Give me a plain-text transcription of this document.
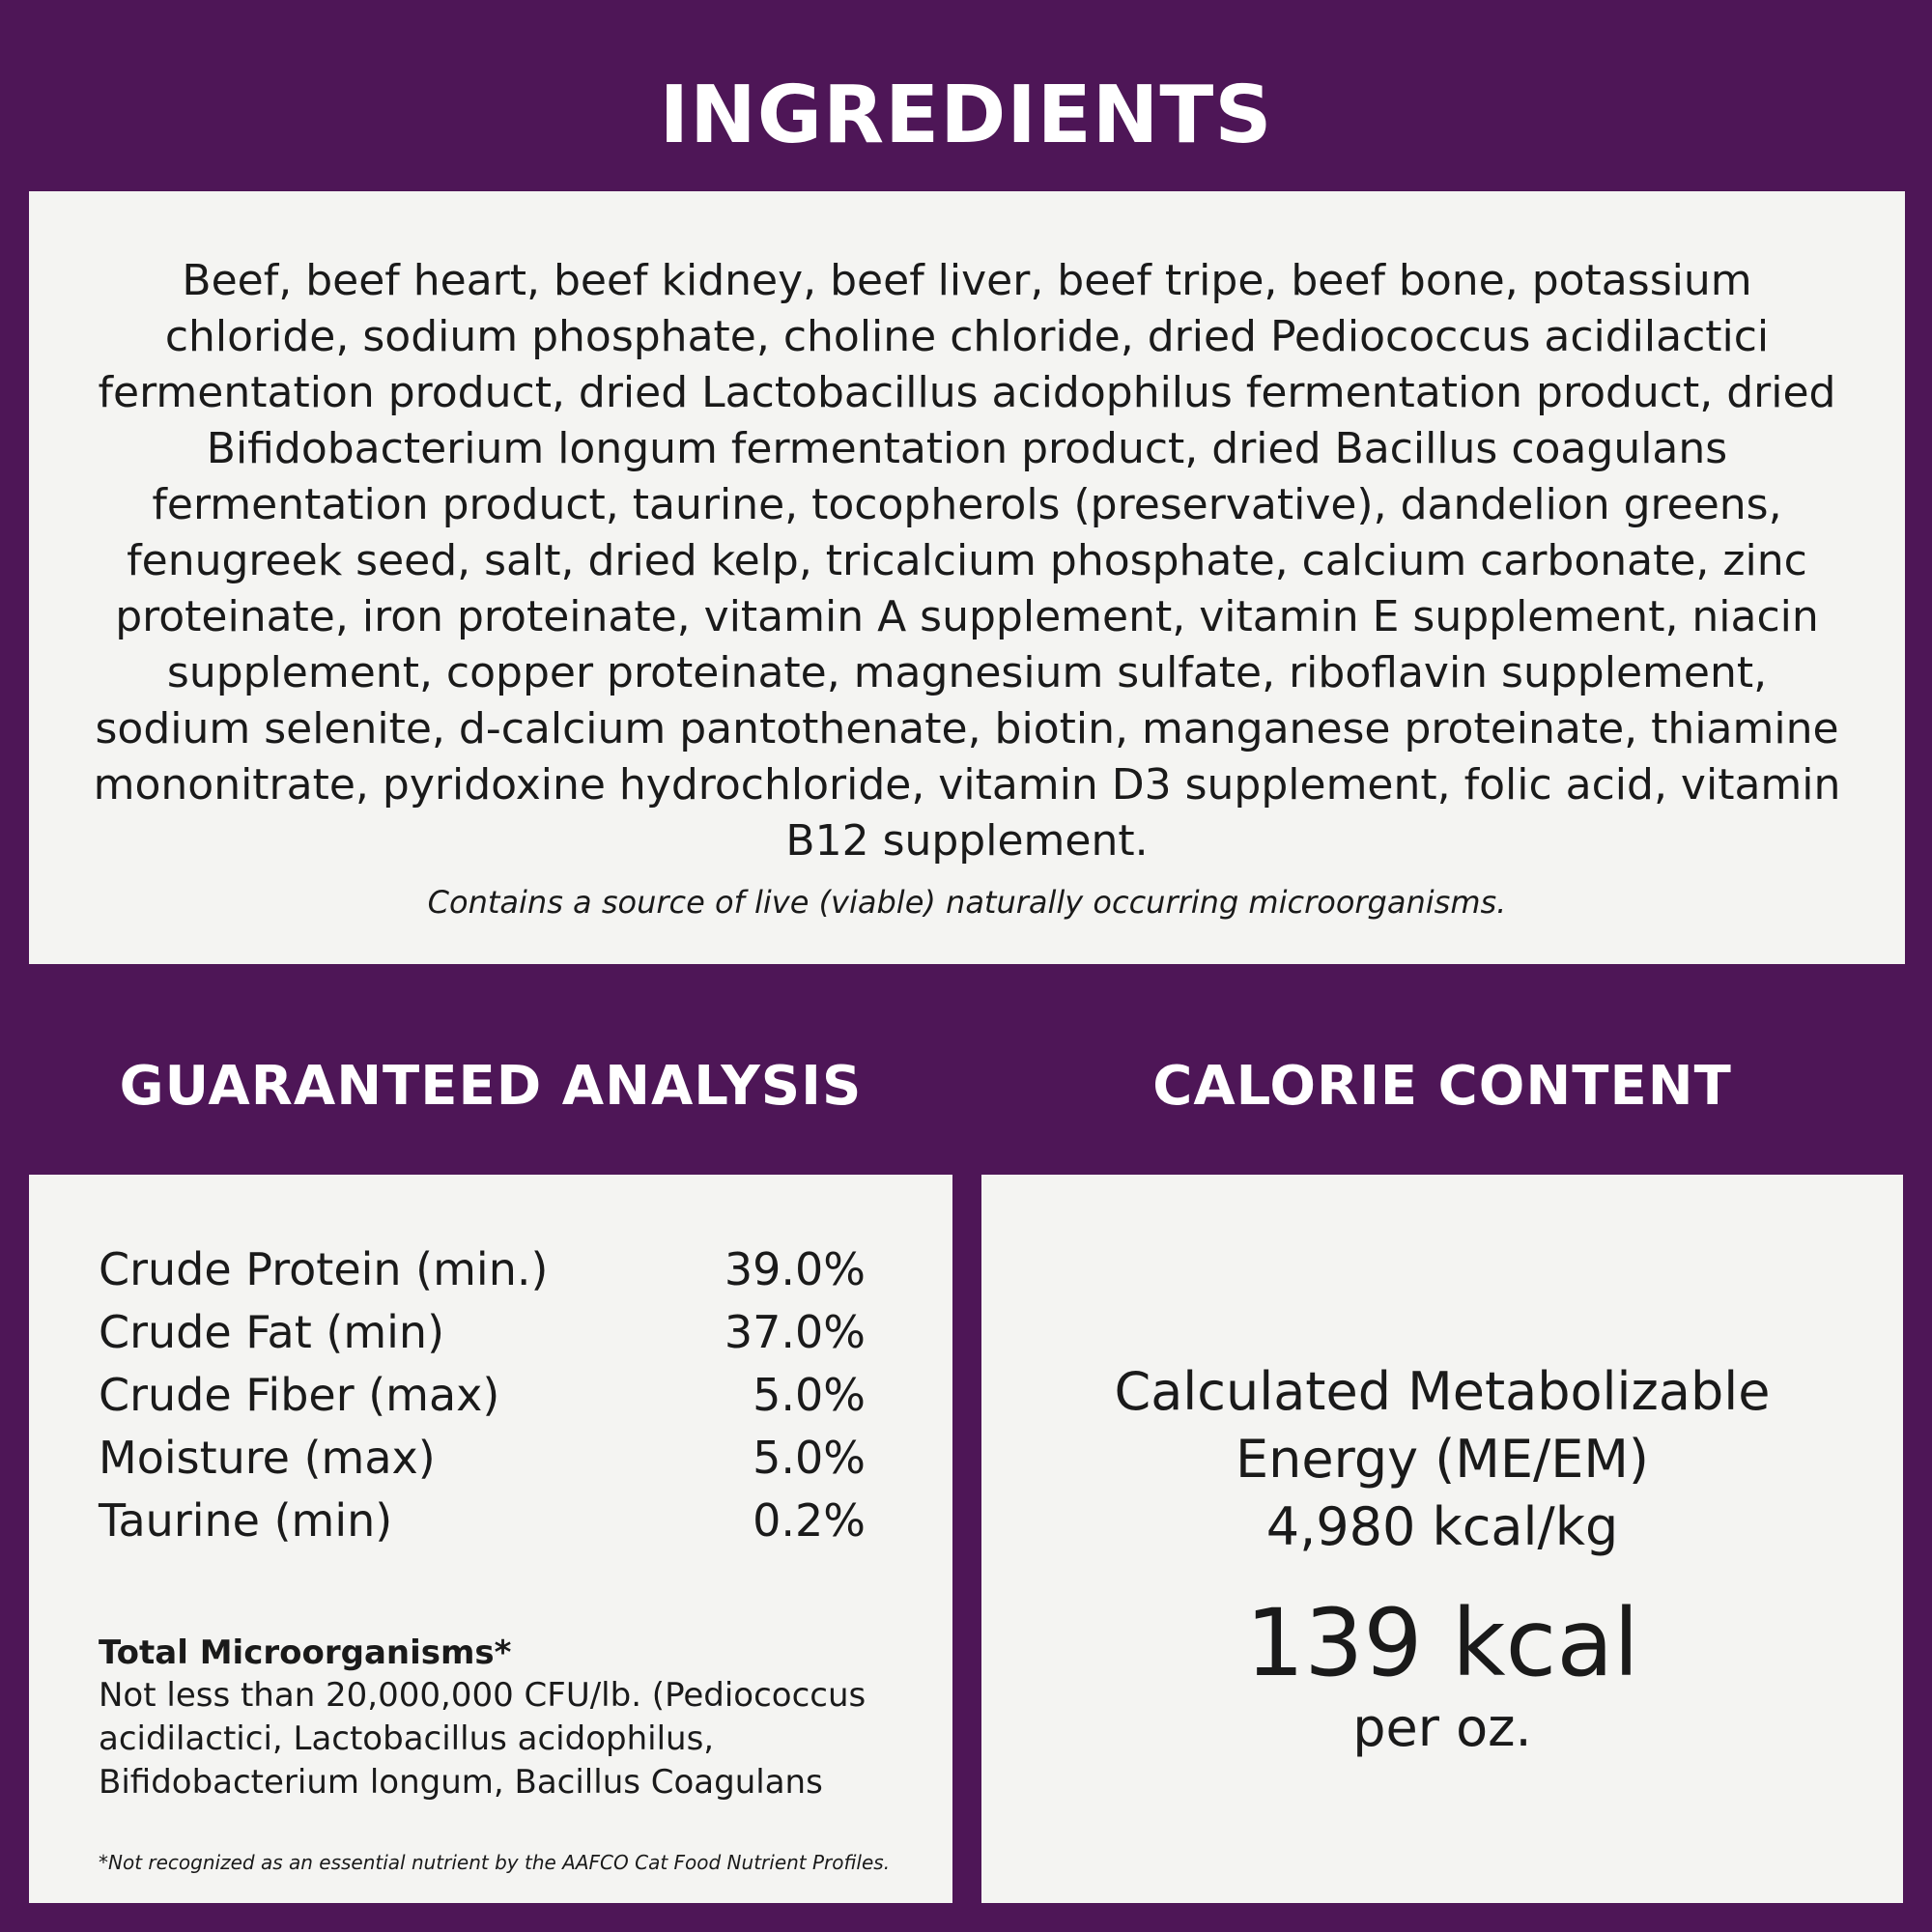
INGREDIENTS

Beef, beef heart, beef kidney, beef liver, beef tripe, beef bone, potassium chloride, sodium phosphate, choline chloride, dried Pediococcus acidilactici fermentation product, dried Lactobacillus acidophilus fermentation product, dried Bifidobacterium longum fermentation product, dried Bacillus coagulans fermentation product, taurine, tocopherols (preservative), dandelion greens, fenugreek seed, salt, dried kelp, tricalcium phosphate, calcium carbonate, zinc proteinate, iron proteinate, vitamin A supplement, vitamin E supplement, niacin supplement, copper proteinate, magnesium sulfate, riboflavin supplement, sodium selenite, d-calcium pantothenate, biotin, manganese proteinate, thiamine mononitrate, pyridoxine hydrochloride, vitamin D3 supplement, folic acid, vitamin B12 supplement.

Contains a source of live (viable) naturally occurring microorganisms.

GUARANTEED ANALYSIS	CALORIE CONTENT
Crude Protein (min.)	39.0%
Crude Fat (min)	37.0%
Crude Fiber (max)	5.0%
Moisture (max)	5.0%
Taurine (min)	0.2%

Total Microorganisms*

Not less than 20,000,000 CFU/lb. (Pediococcus acidilactici, Lactobacillus acidophilus, Bifidobacterium longum, Bacillus Coagulans

*Not recognized as an essential nutrient by the AAFCO Cat Food Nutrient Profiles.

Calculated Metabolizable
Energy (ME/EM)
4,980 kcal/kg

139 kcal

per oz.
